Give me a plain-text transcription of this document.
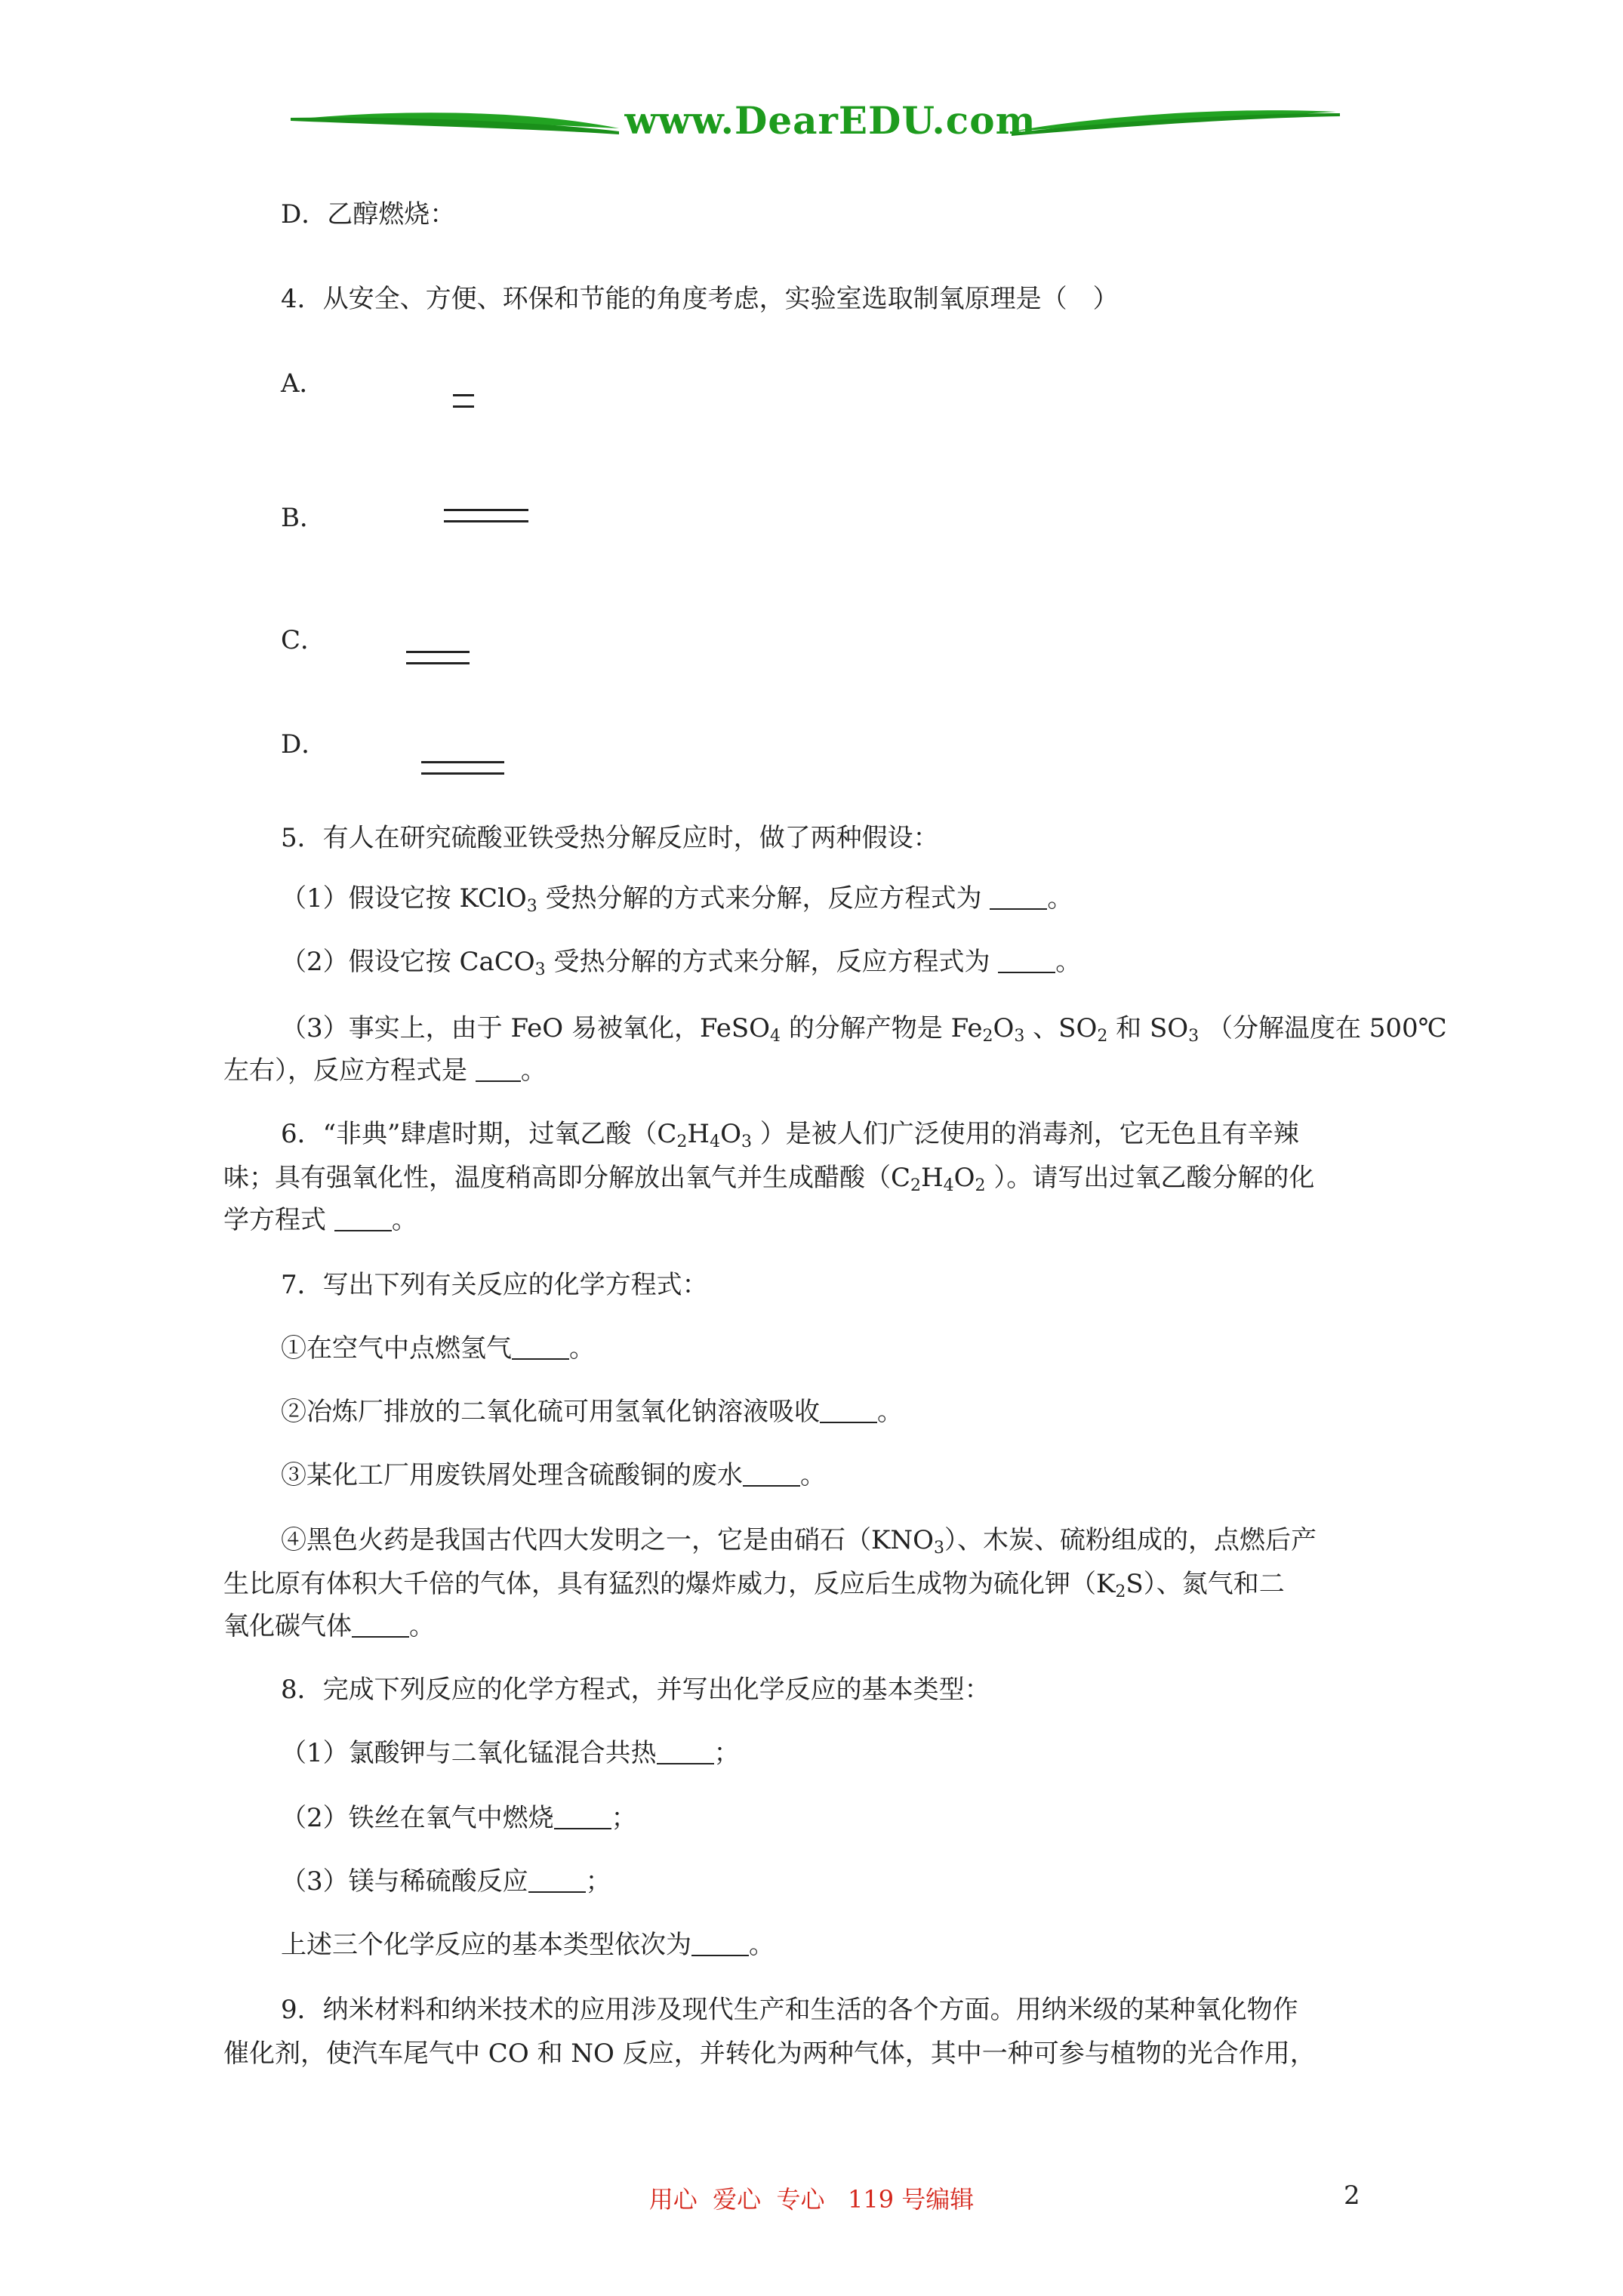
www.DearEDU.com
D．乙醇燃烧：
4．从安全、方便、环保和节能的角度考虑，实验室选取制氧原理是（　）
A．
B．
C．
D．
5．有人在研究硫酸亚铁受热分解反应时，做了两种假设：
（1）假设它按 KClO$_3$ 受热分解的方式来分解，反应方程式为	。
（2）假设它按 CaCO$_3$ 受热分解的方式来分解，反应方程式为	。
（3）事实上，由于 FeO 易被氧化，FeSO$_4$ 的分解产物是 $Fe_2O_3$ 、$SO_2$ 和 $SO_3$ （分解温度在 500℃
左右），反应方程式是 。
6．“非典”肆虐时期，过氧乙酸（$C_2H_4O_3$ ）是被人们广泛使用的消毒剂，它无色且有辛辣
味；具有强氧化性，温度稍高即分解放出氧气并生成醋酸（$C_2H_4O_2$ ）。请写出过氧乙酸分解的化
学方程式	。
7．写出下列有关反应的化学方程式：
①在空气中点燃氢气 。
②冶炼厂排放的二氧化硫可用氢氧化钠溶液吸收 。
③某化工厂用废铁屑处理含硫酸铜的废水 。
④黑色火药是我国古代四大发明之一，它是由硝石$(KNO_3)$、木炭、硫粉组成的，点燃后产
生比原有体积大千倍的气体，具有猛烈的爆炸威力，反应后生成物为硫化钾$(K_2S)$、氮气和二
氧化碳气体 。
8．完成下列反应的化学方程式，并写出化学反应的基本类型：
（1）氯酸钾与二氧化锰混合共热 ；
（2）铁丝在氧气中燃烧 ；
（3）镁与稀硫酸反应 ；
上述三个化学反应的基本类型依次为 。
9．纳米材料和纳米技术的应用涉及现代生产和生活的各个方面。用纳米级的某种氧化物作
催化剂，使汽车尾气中 CO 和 NO 反应，并转化为两种气体，其中一种可参与植物的光合作用，
用心  爱心  专心   119 号编辑	2
